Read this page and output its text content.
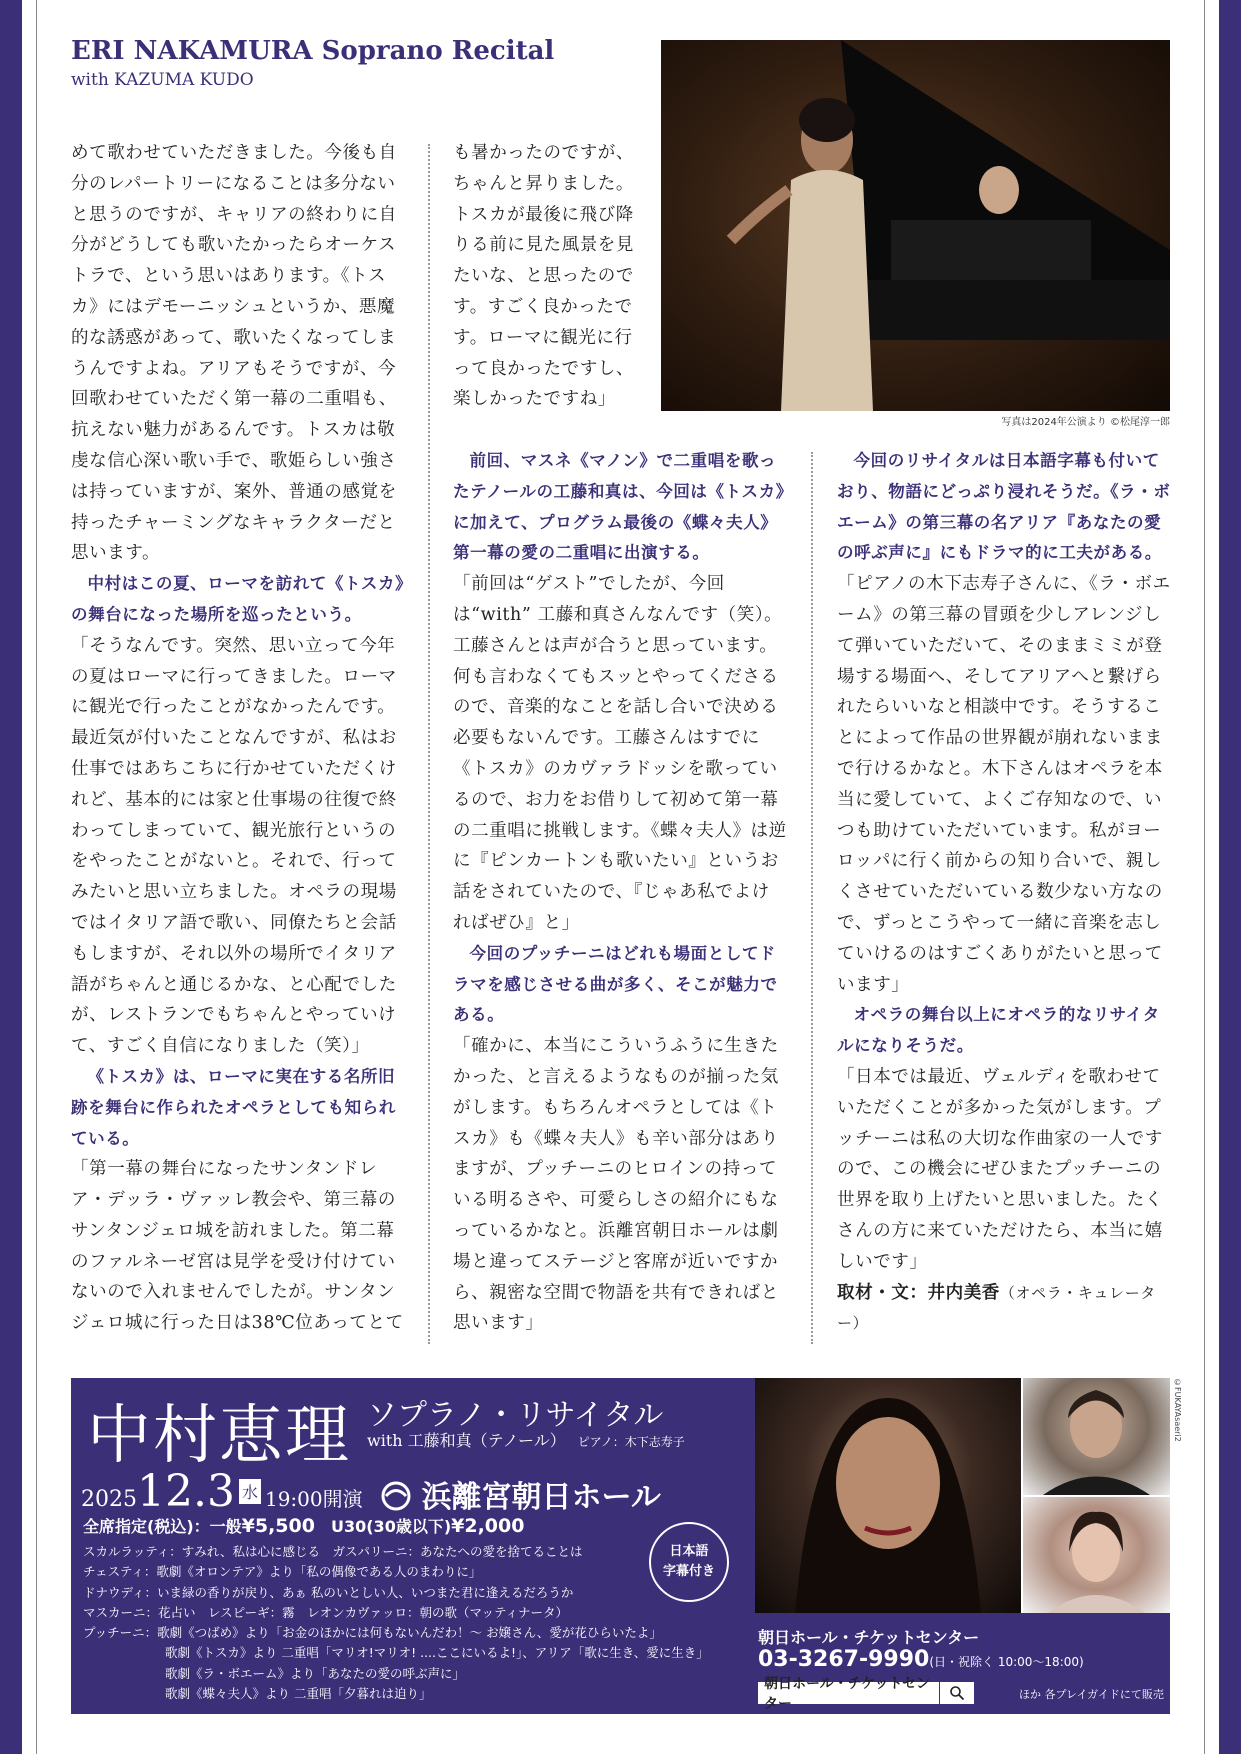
ERI NAKAMURA Soprano Recital
with KAZUMA KUDO
写真は2024年公演より ©松尾淳一郎

めて歌わせていただきました。今後も自分のレパートリーになることは多分ないと思うのですが、キャリアの終わりに自分がどうしても歌いたかったらオーケストラで、という思いはあります。《トスカ》にはデモーニッシュというか、悪魔的な誘惑があって、歌いたくなってしまうんですよね。アリアもそうですが、今回歌わせていただく第一幕の二重唱も、抗えない魅力があるんです。トスカは敬虔な信心深い歌い手で、歌姫らしい強さは持っていますが、案外、普通の感覚を持ったチャーミングなキャラクターだと思います。

中村はこの夏、ローマを訪れて《トスカ》の舞台になった場所を巡ったという。

「そうなんです。突然、思い立って今年の夏はローマに行ってきました。ローマに観光で行ったことがなかったんです。最近気が付いたことなんですが、私はお仕事ではあちこちに行かせていただくけれど、基本的には家と仕事場の往復で終わってしまっていて、観光旅行というのをやったことがないと。それで、行ってみたいと思い立ちました。オペラの現場ではイタリア語で歌い、同僚たちと会話もしますが、それ以外の場所でイタリア語がちゃんと通じるかな、と心配でしたが、レストランでもちゃんとやっていけて、すごく自信になりました（笑）」

《トスカ》は、ローマに実在する名所旧跡を舞台に作られたオペラとしても知られている。

「第一幕の舞台になったサンタンドレア・デッラ・ヴァッレ教会や、第三幕のサンタンジェロ城を訪れました。第二幕のファルネーゼ宮は見学を受け付けていないので入れませんでしたが。サンタンジェロ城に行った日は38℃位あってとて

も暑かったのですが、ちゃんと昇りました。トスカが最後に飛び降りる前に見た風景を見たいな、と思ったのです。すごく良かったです。ローマに観光に行って良かったですし、楽しかったですね」

前回、マスネ《マノン》で二重唱を歌ったテノールの工藤和真は、今回は《トスカ》に加えて、プログラム最後の《蝶々夫人》第一幕の愛の二重唱に出演する。

「前回は“ゲスト”でしたが、今回は“with” 工藤和真さんなんです（笑）。工藤さんとは声が合うと思っています。何も言わなくてもスッとやってくださるので、音楽的なことを話し合いで決める必要もないんです。工藤さんはすでに《トスカ》のカヴァラドッシを歌っているので、お力をお借りして初めて第一幕の二重唱に挑戦します。《蝶々夫人》は逆に『ピンカートンも歌いたい』というお話をされていたので、『じゃあ私でよければぜひ』と」

今回のプッチーニはどれも場面としてドラマを感じさせる曲が多く、そこが魅力である。

「確かに、本当にこういうふうに生きたかった、と言えるようなものが揃った気がします。もちろんオペラとしては《トスカ》も《蝶々夫人》も辛い部分はありますが、プッチーニのヒロインの持っている明るさや、可愛らしさの紹介にもなっているかなと。浜離宮朝日ホールは劇場と違ってステージと客席が近いですから、親密な空間で物語を共有できればと思います」

今回のリサイタルは日本語字幕も付いており、物語にどっぷり浸れそうだ。《ラ・ボエーム》の第三幕の名アリア『あなたの愛の呼ぶ声に』にもドラマ的に工夫がある。

「ピアノの木下志寿子さんに、《ラ・ボエーム》の第三幕の冒頭を少しアレンジして弾いていただいて、そのままミミが登場する場面へ、そしてアリアへと繋げられたらいいなと相談中です。そうすることによって作品の世界観が崩れないままで行けるかなと。木下さんはオペラを本当に愛していて、よくご存知なので、いつも助けていただいています。私がヨーロッパに行く前からの知り合いで、親しくさせていただいている数少ない方なので、ずっとこうやって一緒に音楽を志していけるのはすごくありがたいと思っています」

オペラの舞台以上にオペラ的なリサイタルになりそうだ。

「日本では最近、ヴェルディを歌わせていただくことが多かった気がします。プッチーニは私の大切な作曲家の一人ですので、この機会にぜひまたプッチーニの世界を取り上げたいと思いました。たくさんの方に来ていただけたら、本当に嬉しいです」

取材・文：井内美香（オペラ・キュレーター）

中村恵理 ソプラノ・リサイタル
with 工藤和真（テノール） ピアノ：木下志寿子
202512.3 水 19:00開演	浜離宮朝日ホール
全席指定(税込)：一般¥5,500　 U30(30歳以下)¥2,000
日本語
字幕付き
スカルラッティ：すみれ、私は心に感じる　ガスパリーニ：あなたへの愛を捨てることは
チェスティ：歌劇《オロンテア》より「私の偶像である人のまわりに」
ドナウディ：いま緑の香りが戻り、あぁ 私のいとしい人、いつまた君に逢えるだろうか
マスカーニ：花占い　レスピーギ：霧　レオンカヴァッロ：朝の歌（マッティナータ）
プッチーニ：歌劇《つばめ》より「お金のほかには何もないんだわ！〜 お嬢さん、愛が花ひらいたよ」
歌劇《トスカ》より 二重唱「マリオ!マリオ! ....ここにいるよ!」、アリア「歌に生き、愛に生き」
歌劇《ラ・ボエーム》より「あなたの愛の呼ぶ声に」
歌劇《蝶々夫人》より 二重唱「夕暮れは迫り」
©FUKAYAsaeri2
朝日ホール・チケットセンター
03-3267-9990(日・祝除く 10:00〜18:00)
朝日ホール・チケットセンター
ほか 各プレイガイドにて販売
